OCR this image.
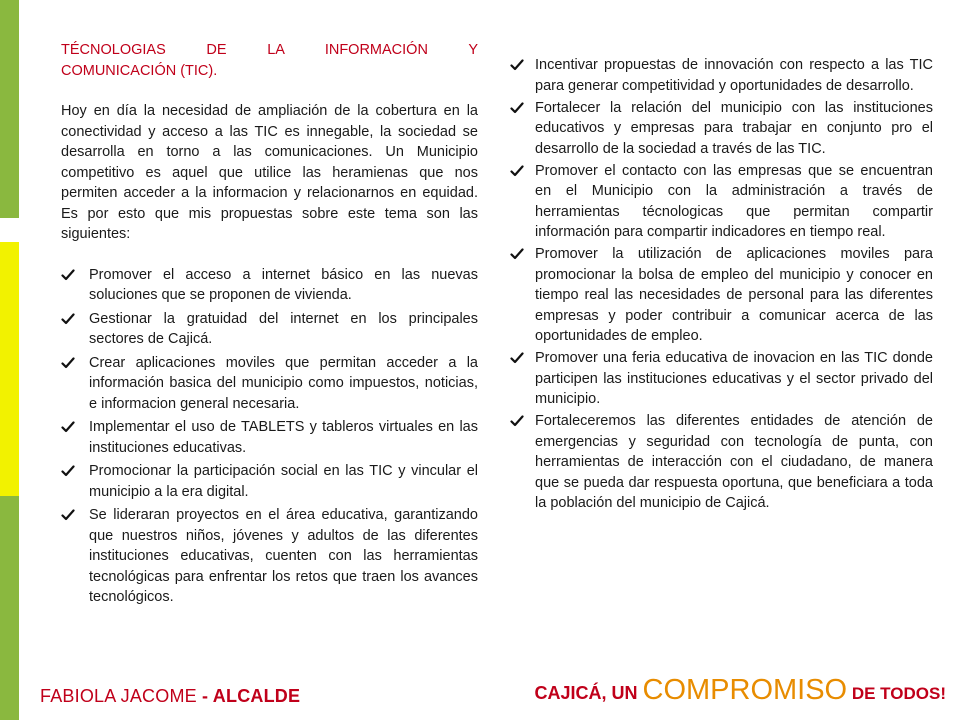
TÉCNOLOGIAS DE LA INFORMACIÓN Y
COMUNICACIÓN (TIC).

Hoy en día la necesidad de ampliación de la cobertura en la conectividad y acceso a las TIC es innegable, la sociedad se desarrolla en torno a las comunicaciones. Un Municipio competitivo es aquel que utilice las heramienas que nos permiten acceder a la informacion y relacionarnos en equidad. Es por esto que mis propuestas sobre este tema son las siguientes:

Promover el acceso a internet básico en las nuevas soluciones que se proponen de vivienda.
Gestionar la gratuidad del internet en los principales sectores de Cajicá.
Crear aplicaciones moviles que permitan acceder a la información basica del municipio como impuestos, noticias, e informacion general necesaria.
Implementar el uso de TABLETS y tableros virtuales en las instituciones educativas.
Promocionar la participación social en las TIC y vincular el municipio a la era digital.
Se lideraran proyectos en el área educativa, garantizando que nuestros niños, jóvenes y adultos de las diferentes instituciones educativas, cuenten con las herramientas tecnológicas para enfrentar los retos que traen los avances tecnológicos.
Incentivar propuestas de innovación con respecto a las TIC para generar competitividad y oportunidades de desarrollo.
Fortalecer la relación del municipio con las instituciones educativos y empresas para trabajar en conjunto pro el desarrollo de la sociedad a través de las TIC.
Promover el contacto con las empresas que se encuentran en el Municipio con la administración a través de herramientas técnologicas que permitan compartir información para compartir indicadores en tiempo real.
Promover la utilización de aplicaciones moviles para promocionar la bolsa de empleo del municipio y conocer en tiempo real las necesidades de personal para las diferentes empresas y poder contribuir a comunicar acerca de las oportunidades de empleo.
Promover una feria educativa de inovacion en las TIC donde participen las instituciones educativas y el sector privado del municipio.
Fortaleceremos las diferentes entidades de atención de emergencias y seguridad con tecnología de punta, con herramientas de interacción con el ciudadano, de manera que se pueda dar respuesta oportuna, que beneficiara a toda la población del municipio de Cajicá.
FABIOLA JACOME - ALCALDE	CAJICÁ, UN COMPROMISO DE TODOS!
